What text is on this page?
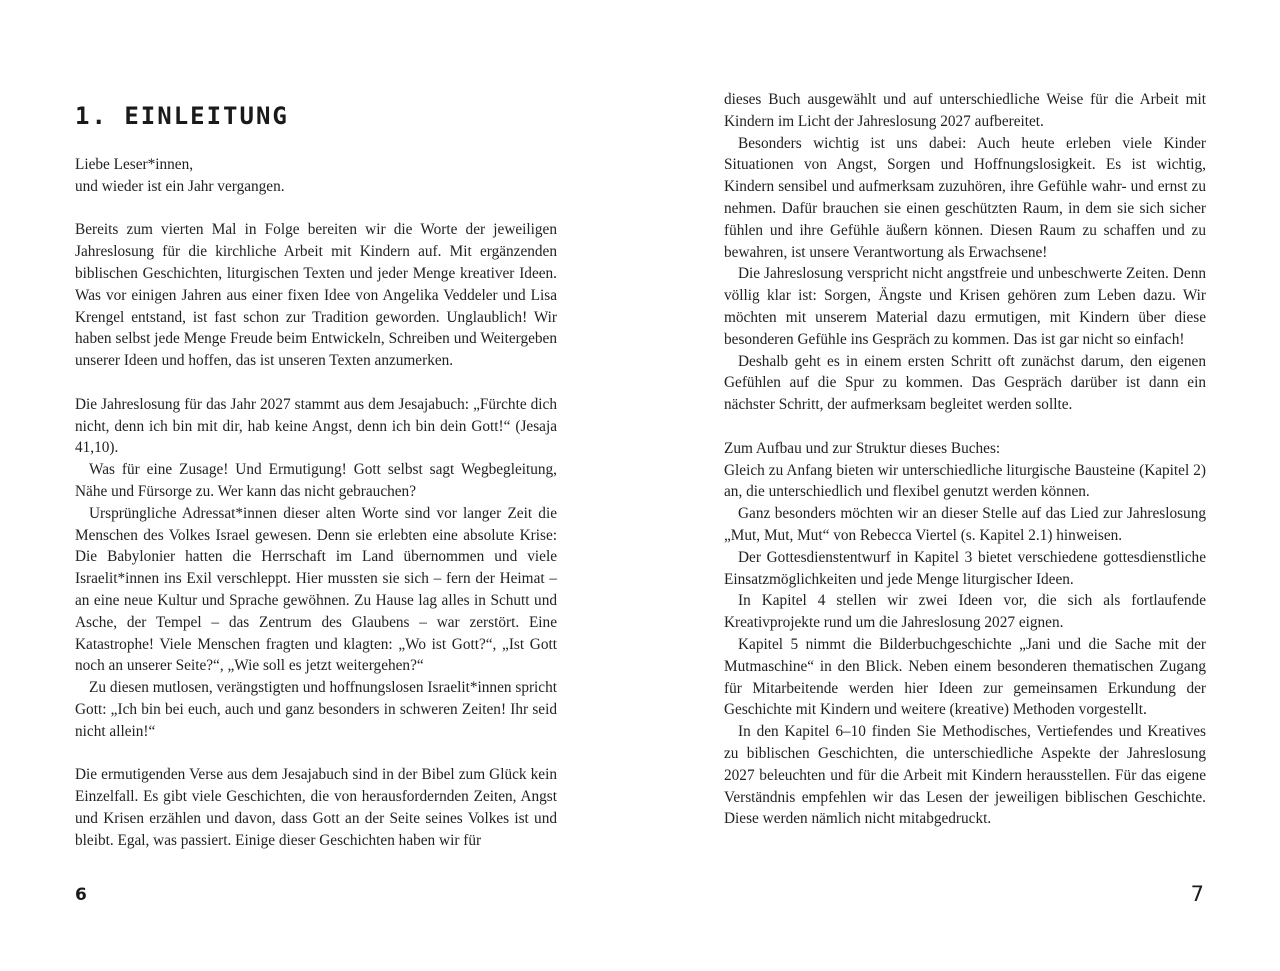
1. EINLEITUNG

Liebe Leser*innen,

und wieder ist ein Jahr vergangen.

Bereits zum vierten Mal in Folge bereiten wir die Worte der jeweiligen Jahreslosung für die kirchliche Arbeit mit Kindern auf. Mit ergänzenden biblischen Geschichten, liturgischen Texten und jeder Menge kreativer Ideen. Was vor einigen Jahren aus einer fixen Idee von Angelika Veddeler und Lisa Krengel entstand, ist fast schon zur Tradition geworden. Unglaublich! Wir haben selbst jede Menge Freude beim Entwickeln, Schreiben und Weitergeben unserer Ideen und hoffen, das ist unseren Texten anzumerken.

Die Jahreslosung für das Jahr 2027 stammt aus dem Jesajabuch: „Fürchte dich nicht, denn ich bin mit dir, hab keine Angst, denn ich bin dein Gott!“ (Jesaja 41,10).

Was für eine Zusage! Und Ermutigung! Gott selbst sagt Wegbegleitung, Nähe und Fürsorge zu. Wer kann das nicht gebrauchen?

Ursprüngliche Adressat*innen dieser alten Worte sind vor langer Zeit die Menschen des Volkes Israel gewesen. Denn sie erlebten eine absolute Krise: Die Babylonier hatten die Herrschaft im Land übernommen und viele Israelit*innen ins Exil verschleppt. Hier mussten sie sich – fern der Heimat – an eine neue Kultur und Sprache gewöhnen. Zu Hause lag alles in Schutt und Asche, der Tempel – das Zentrum des Glaubens – war zerstört. Eine Katastrophe! Viele Menschen fragten und klagten: „Wo ist Gott?“, „Ist Gott noch an unserer Seite?“, „Wie soll es jetzt weitergehen?“

Zu diesen mutlosen, verängstigten und hoffnungslosen Israelit*innen spricht Gott: „Ich bin bei euch, auch und ganz besonders in schweren Zeiten! Ihr seid nicht allein!“

Die ermutigenden Verse aus dem Jesajabuch sind in der Bibel zum Glück kein Einzelfall. Es gibt viele Geschichten, die von herausfordernden Zeiten, Angst und Krisen erzählen und davon, dass Gott an der Seite seines Volkes ist und bleibt. Egal, was passiert. Einige dieser Geschichten haben wir für

6

dieses Buch ausgewählt und auf unterschiedliche Weise für die Arbeit mit Kindern im Licht der Jahreslosung 2027 aufbereitet.

Besonders wichtig ist uns dabei: Auch heute erleben viele Kinder Situationen von Angst, Sorgen und Hoffnungslosigkeit. Es ist wichtig, Kindern sensibel und aufmerksam zuzuhören, ihre Gefühle wahr- und ernst zu nehmen. Dafür brauchen sie einen geschützten Raum, in dem sie sich sicher fühlen und ihre Gefühle äußern können. Diesen Raum zu schaffen und zu bewahren, ist unsere Verantwortung als Erwachsene!

Die Jahreslosung verspricht nicht angstfreie und unbeschwerte Zeiten. Denn völlig klar ist: Sorgen, Ängste und Krisen gehören zum Leben dazu. Wir möchten mit unserem Material dazu ermutigen, mit Kindern über diese besonderen Gefühle ins Gespräch zu kommen. Das ist gar nicht so einfach!

Deshalb geht es in einem ersten Schritt oft zunächst darum, den eigenen Gefühlen auf die Spur zu kommen. Das Gespräch darüber ist dann ein nächster Schritt, der aufmerksam begleitet werden sollte.

Zum Aufbau und zur Struktur dieses Buches:

Gleich zu Anfang bieten wir unterschiedliche liturgische Bausteine (Kapitel 2) an, die unterschiedlich und flexibel genutzt werden können.

Ganz besonders möchten wir an dieser Stelle auf das Lied zur Jahreslosung „Mut, Mut, Mut“ von Rebecca Viertel (s. Kapitel 2.1) hinweisen.

Der Gottesdienstentwurf in Kapitel 3 bietet verschiedene gottesdienstliche Einsatzmöglichkeiten und jede Menge liturgischer Ideen.

In Kapitel 4 stellen wir zwei Ideen vor, die sich als fortlaufende Kreativprojekte rund um die Jahreslosung 2027 eignen.

Kapitel 5 nimmt die Bilderbuchgeschichte „Jani und die Sache mit der Mutmaschine“ in den Blick. Neben einem besonderen thematischen Zugang für Mitarbeitende werden hier Ideen zur gemeinsamen Erkundung der Geschichte mit Kindern und weitere (kreative) Methoden vorgestellt.

In den Kapitel 6–10 finden Sie Methodisches, Vertiefendes und Kreatives zu biblischen Geschichten, die unterschiedliche Aspekte der Jahreslosung 2027 beleuchten und für die Arbeit mit Kindern herausstellen. Für das eigene Verständnis empfehlen wir das Lesen der jeweiligen biblischen Geschichte. Diese werden nämlich nicht mitabgedruckt.

7
